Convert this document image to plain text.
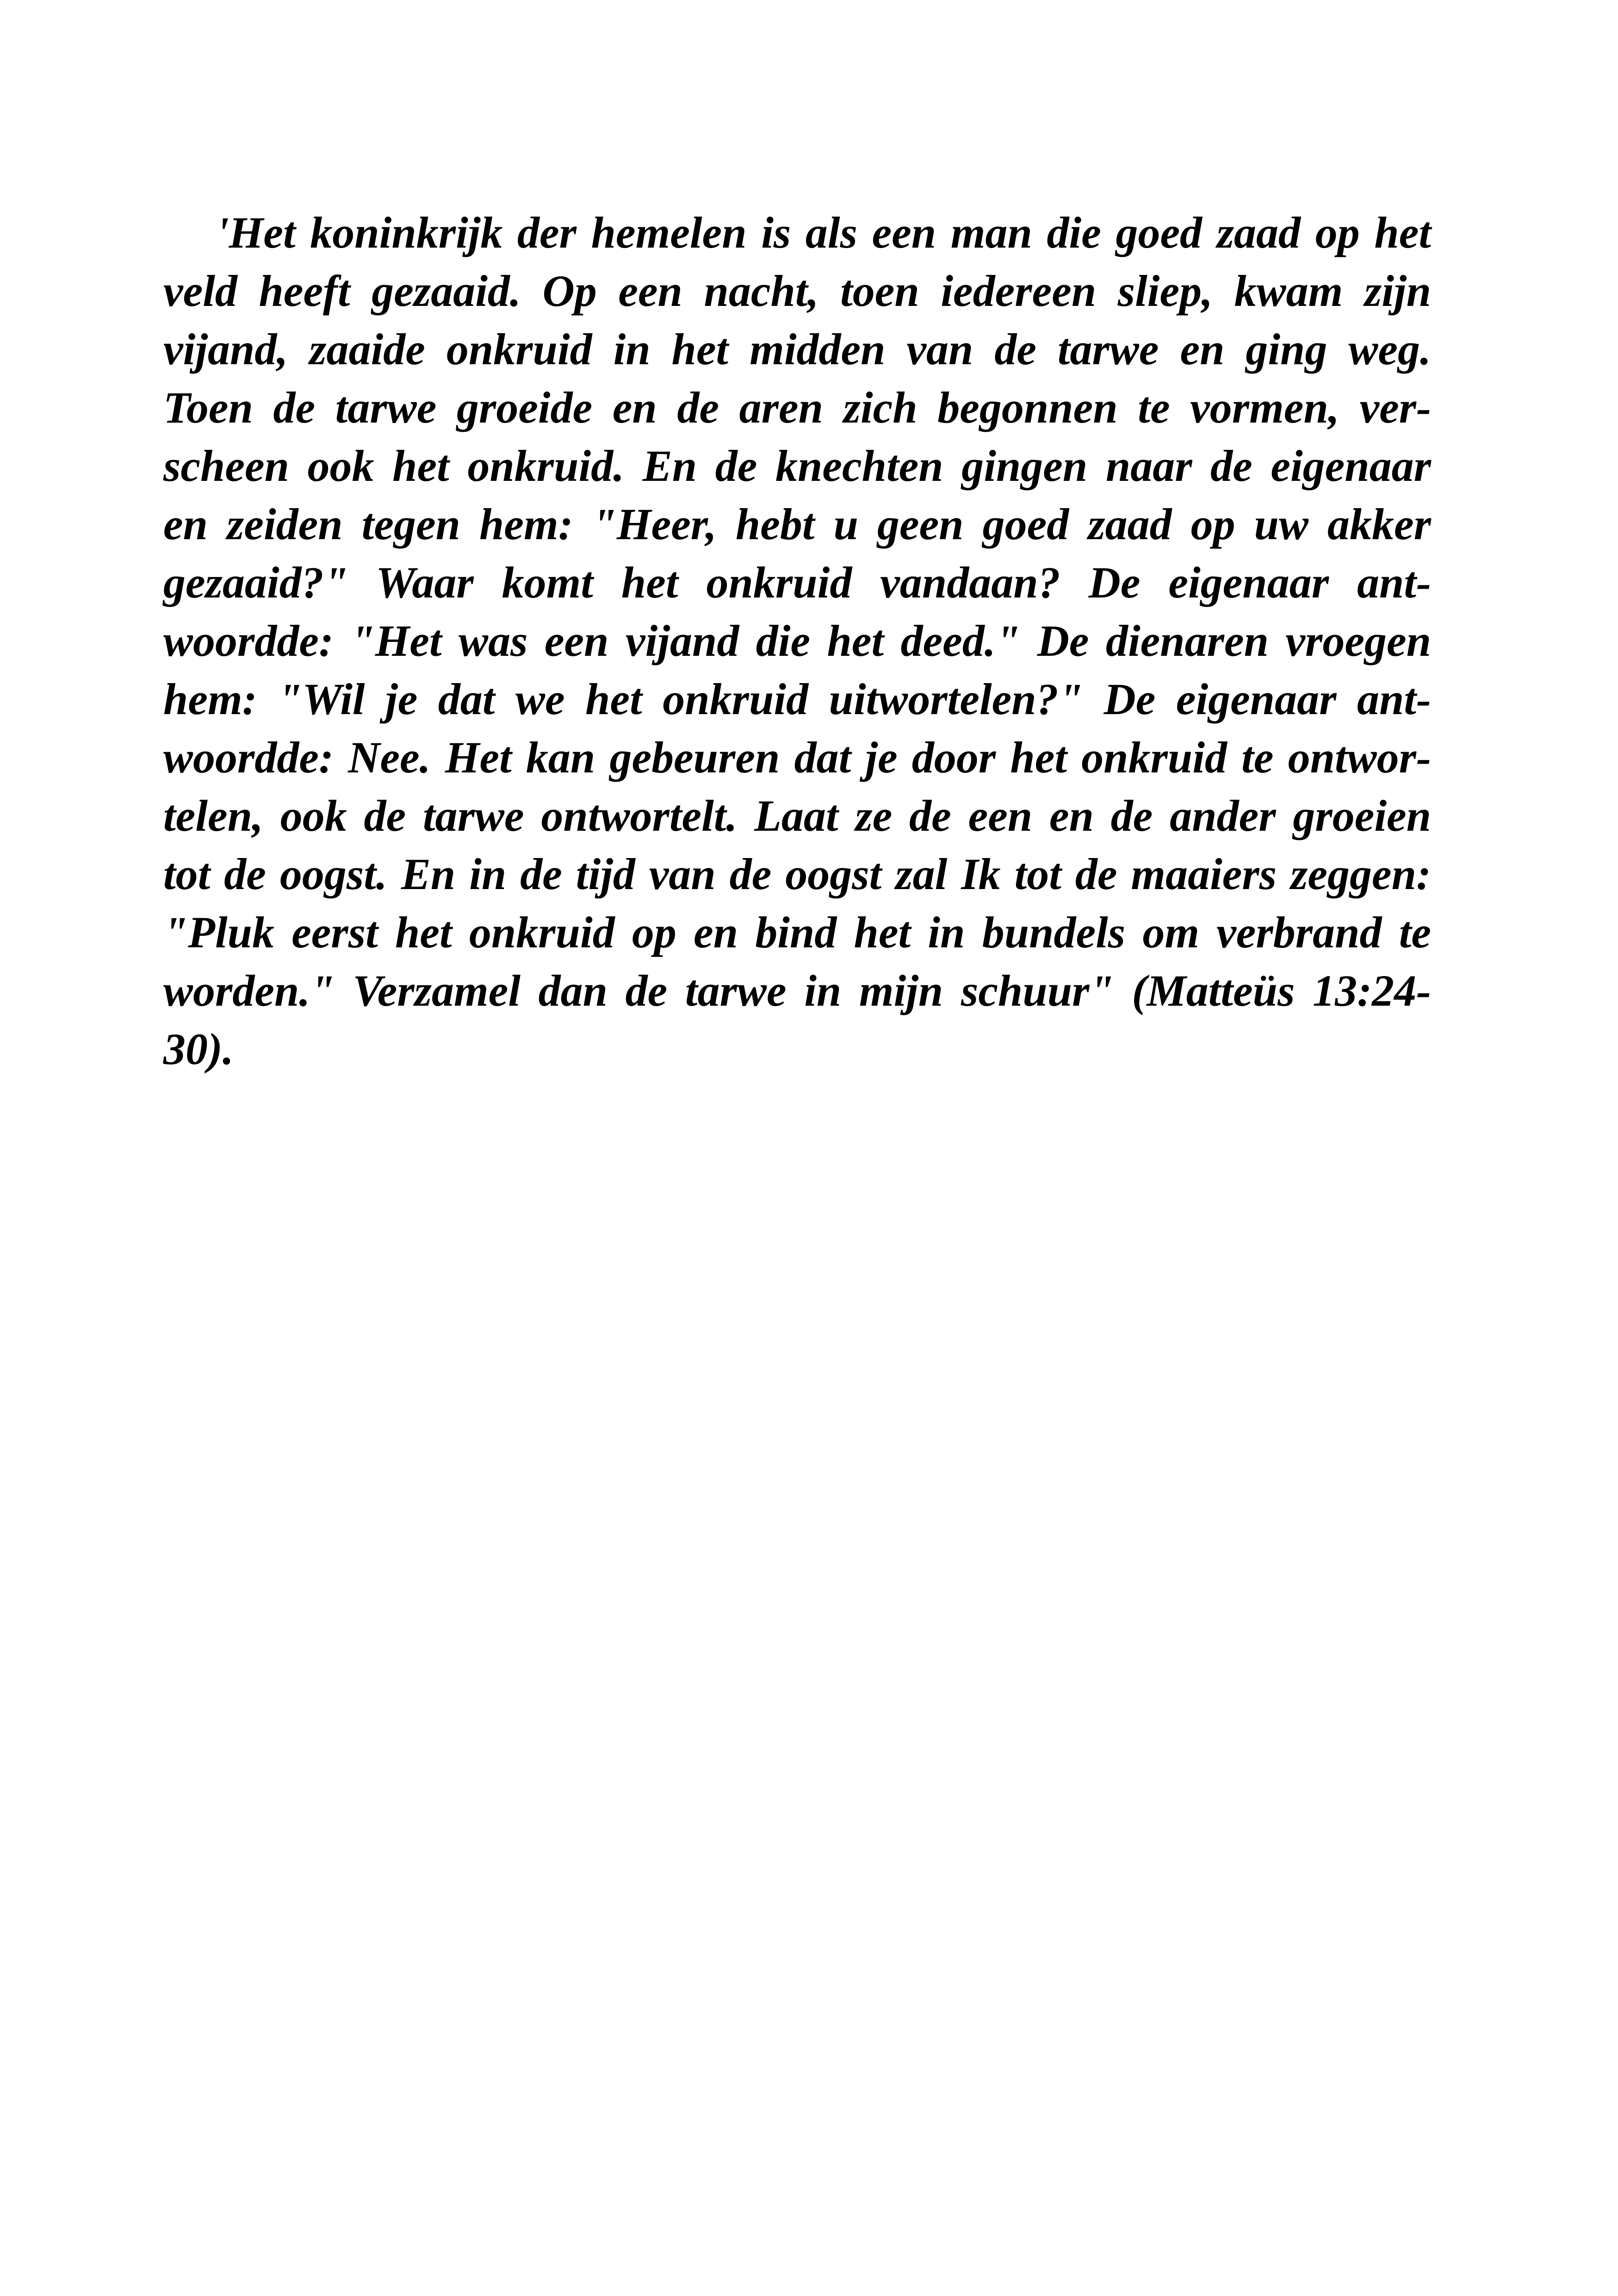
'Het koninkrijk der hemelen is als een man die goed zaad op het
veld heeft gezaaid. Op een nacht, toen iedereen sliep, kwam zijn
vijand, zaaide onkruid in het midden van de tarwe en ging weg.
Toen de tarwe groeide en de aren zich begonnen te vormen, ver-
scheen ook het onkruid. En de knechten gingen naar de eigenaar
en zeiden tegen hem: "Heer, hebt u geen goed zaad op uw akker
gezaaid?" Waar komt het onkruid vandaan? De eigenaar ant-
woordde: "Het was een vijand die het deed." De dienaren vroegen
hem: "Wil je dat we het onkruid uitwortelen?" De eigenaar ant-
woordde: Nee. Het kan gebeuren dat je door het onkruid te ontwor-
telen, ook de tarwe ontwortelt. Laat ze de een en de ander groeien
tot de oogst. En in de tijd van de oogst zal Ik tot de maaiers zeggen:
"Pluk eerst het onkruid op en bind het in bundels om verbrand te
worden." Verzamel dan de tarwe in mijn schuur" (Matteüs 13:24-
30).
